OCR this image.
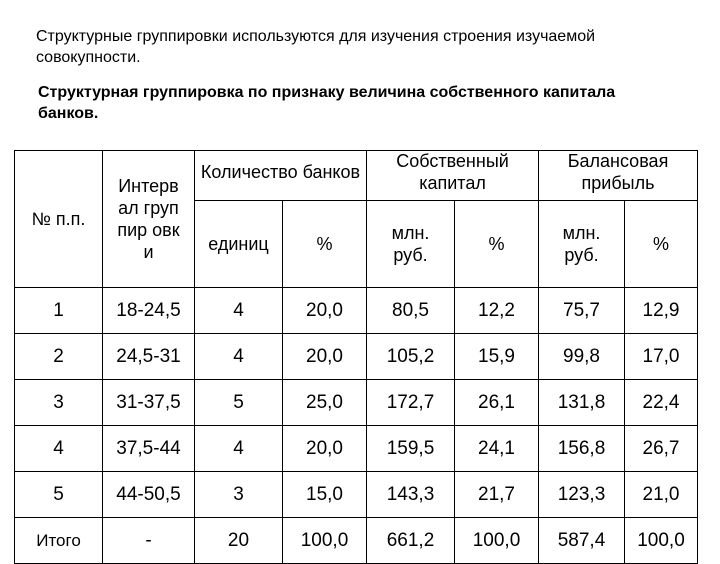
Структурные группировки используются для изучения строения изучаемой совокупности.
Структурная группировка по признаку величина собственного капитала банков.
№ п.п.	Интерв ал группир овки	Количество банков		Собственный капитал		Балансовая прибыль	

		единиц	%	млн. руб.	%	млн. руб.	%
1	18-24,5	4	20,0	80,5	12,2	75,7	12,9
2	24,5-31	4	20,0	105,2	15,9	99,8	17,0
3	31-37,5	5	25,0	172,7	26,1	131,8	22,4
4	37,5-44	4	20,0	159,5	24,1	156,8	26,7
5	44-50,5	3	15,0	143,3	21,7	123,3	21,0
Итого	-	20	100,0	661,2	100,0	587,4	100,0
